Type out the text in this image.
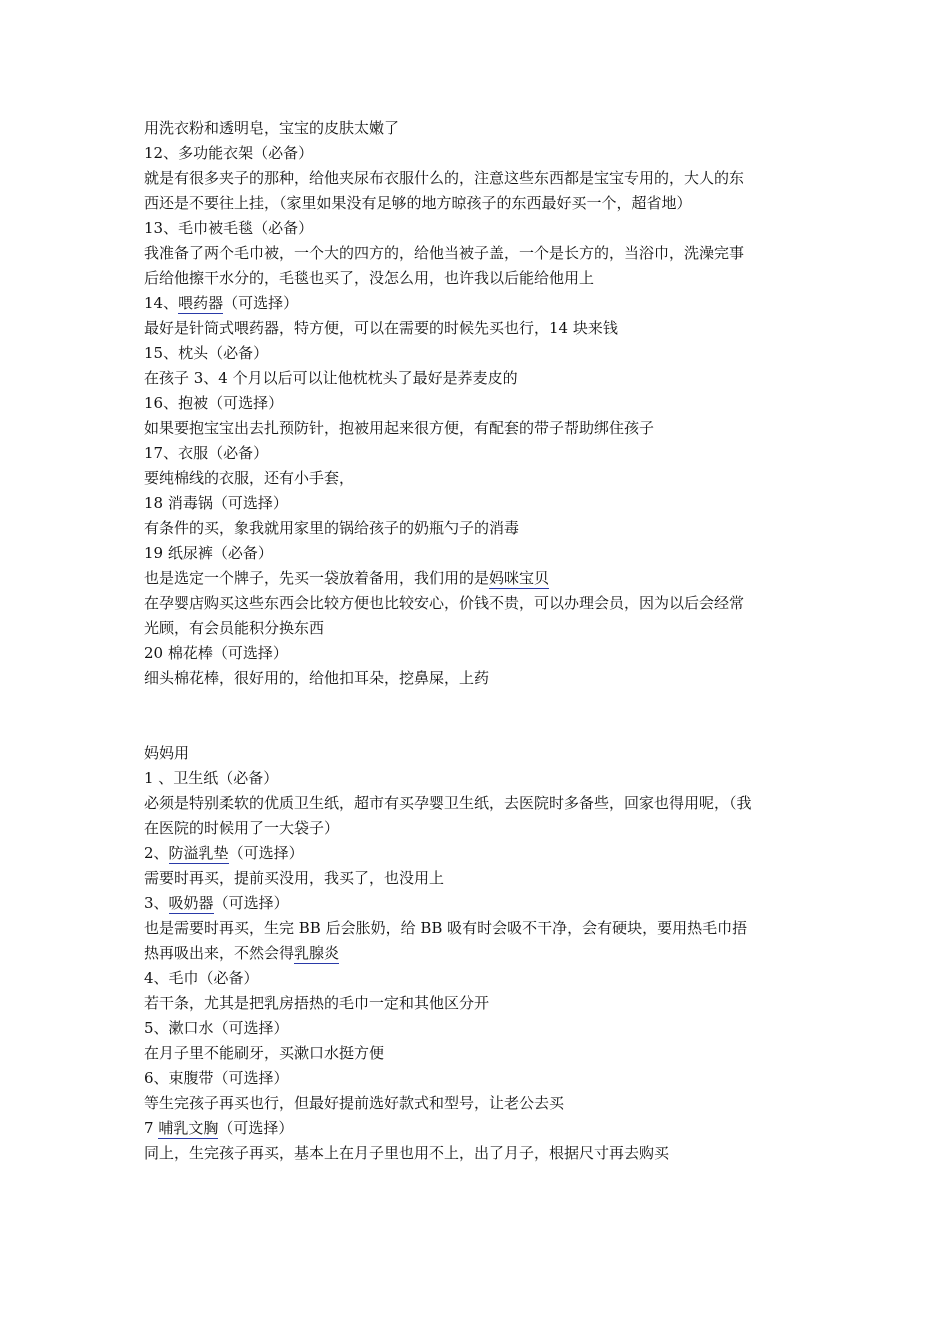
用洗衣粉和透明皂，宝宝的皮肤太嫩了
12、多功能衣架（必备）
就是有很多夹子的那种，给他夹尿布衣服什么的，注意这些东西都是宝宝专用的，大人的东
西还是不要往上挂，（家里如果没有足够的地方晾孩子的东西最好买一个，超省地）
13、毛巾被毛毯（必备）
我准备了两个毛巾被，一个大的四方的，给他当被子盖，一个是长方的，当浴巾，洗澡完事
后给他擦干水分的，毛毯也买了，没怎么用，也许我以后能给他用上
14、喂药器（可选择）
最好是针筒式喂药器，特方便，可以在需要的时候先买也行，14 块来钱
15、枕头（必备）
在孩子 3、4 个月以后可以让他枕枕头了最好是荞麦皮的
16、抱被（可选择）
如果要抱宝宝出去扎预防针，抱被用起来很方便，有配套的带子帮助绑住孩子
17、衣服（必备）
要纯棉线的衣服，还有小手套，
18 消毒锅（可选择）
有条件的买，象我就用家里的锅给孩子的奶瓶勺子的消毒
19 纸尿裤（必备）
也是选定一个牌子，先买一袋放着备用，我们用的是妈咪宝贝
在孕婴店购买这些东西会比较方便也比较安心，价钱不贵，可以办理会员，因为以后会经常
光顾，有会员能积分换东西
20 棉花棒（可选择）
细头棉花棒，很好用的，给他扣耳朵，挖鼻屎，上药
妈妈用
1 、卫生纸（必备）
必须是特别柔软的优质卫生纸，超市有买孕婴卫生纸，去医院时多备些，回家也得用呢，（我
在医院的时候用了一大袋子）
2、防溢乳垫（可选择）
需要时再买，提前买没用，我买了，也没用上
3、吸奶器（可选择）
也是需要时再买，生完 BB 后会胀奶，给 BB 吸有时会吸不干净，会有硬块，要用热毛巾捂
热再吸出来，不然会得乳腺炎
4、毛巾（必备）
若干条，尤其是把乳房捂热的毛巾一定和其他区分开
5、漱口水（可选择）
在月子里不能刷牙，买漱口水挺方便
6、束腹带（可选择）
等生完孩子再买也行，但最好提前选好款式和型号，让老公去买
7 哺乳文胸（可选择）
同上，生完孩子再买，基本上在月子里也用不上，出了月子，根据尺寸再去购买
